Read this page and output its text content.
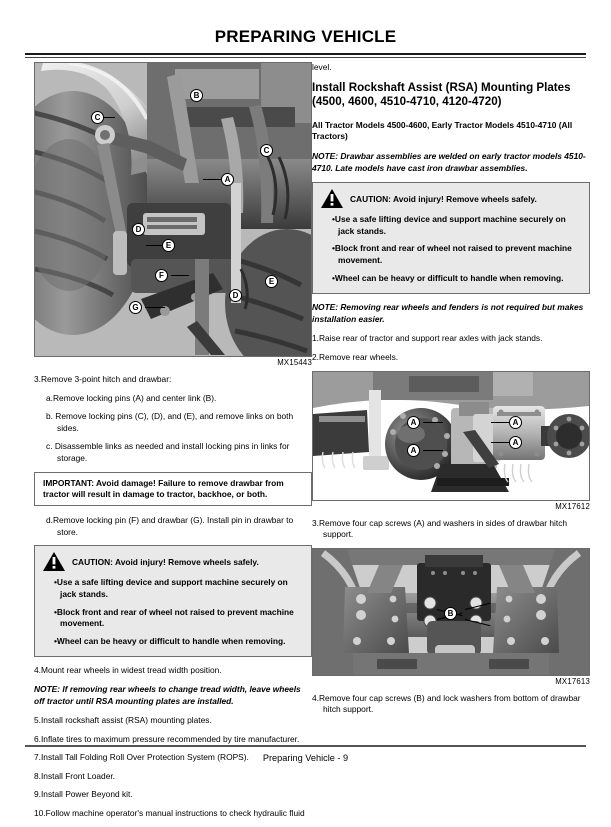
PREPARING VEHICLE
C
B
C
A
D
E
F
E
D
G
MX15443
3.Remove 3-point hitch and drawbar:
a.Remove locking pins (A) and center link (B).
b. Remove locking pins (C), (D), and (E), and remove links on both sides.
c. Disassemble links as needed and install locking pins in links for storage.

IMPORTANT: Avoid damage! Failure to remove drawbar from tractor will result in damage to tractor, backhoe, or both.

d.Remove locking pin (F) and drawbar (G). Install pin in drawbar to store.
CAUTION: Avoid injury! Remove wheels safely.

•Use a safe lifting device and support machine securely on jack stands.

•Block front and rear of wheel not raised to prevent machine movement.

•Wheel can be heavy or difficult to handle when removing.

4.Mount rear wheels in widest tread width position.
NOTE: If removing rear wheels to change tread width, leave wheels off tractor until RSA mounting plates are installed.
5.Install rockshaft assist (RSA) mounting plates.
6.Inflate tires to maximum pressure recommended by tire manufacturer.
7.Install Tall Folding Roll Over Protection System (ROPS).
8.Install Front Loader.
9.Install Power Beyond kit.
10.Follow machine operator's manual instructions to check hydraulic fluid
level.
Install Rockshaft Assist (RSA) Mounting Plates (4500, 4600, 4510-4710, 4120-4720)
All Tractor Models 4500-4600, Early Tractor Models 4510-4710 (All Tractors)
NOTE: Drawbar assemblies are welded on early tractor models 4510-4710. Late models have cast iron drawbar assemblies.
CAUTION: Avoid injury! Remove wheels safely.

•Use a safe lifting device and support machine securely on jack stands.

•Block front and rear of wheel not raised to prevent machine movement.

•Wheel can be heavy or difficult to handle when removing.

NOTE: Removing rear wheels and fenders is not required but makes installation easier.
1.Raise rear of tractor and support rear axles with jack stands.
2.Remove rear wheels.
A
A
A
A
MX17612
3.Remove four cap screws (A) and washers in sides of drawbar hitch support.
B
MX17613
4.Remove four cap screws (B) and lock washers from bottom of drawbar hitch support.
Preparing Vehicle - 9
